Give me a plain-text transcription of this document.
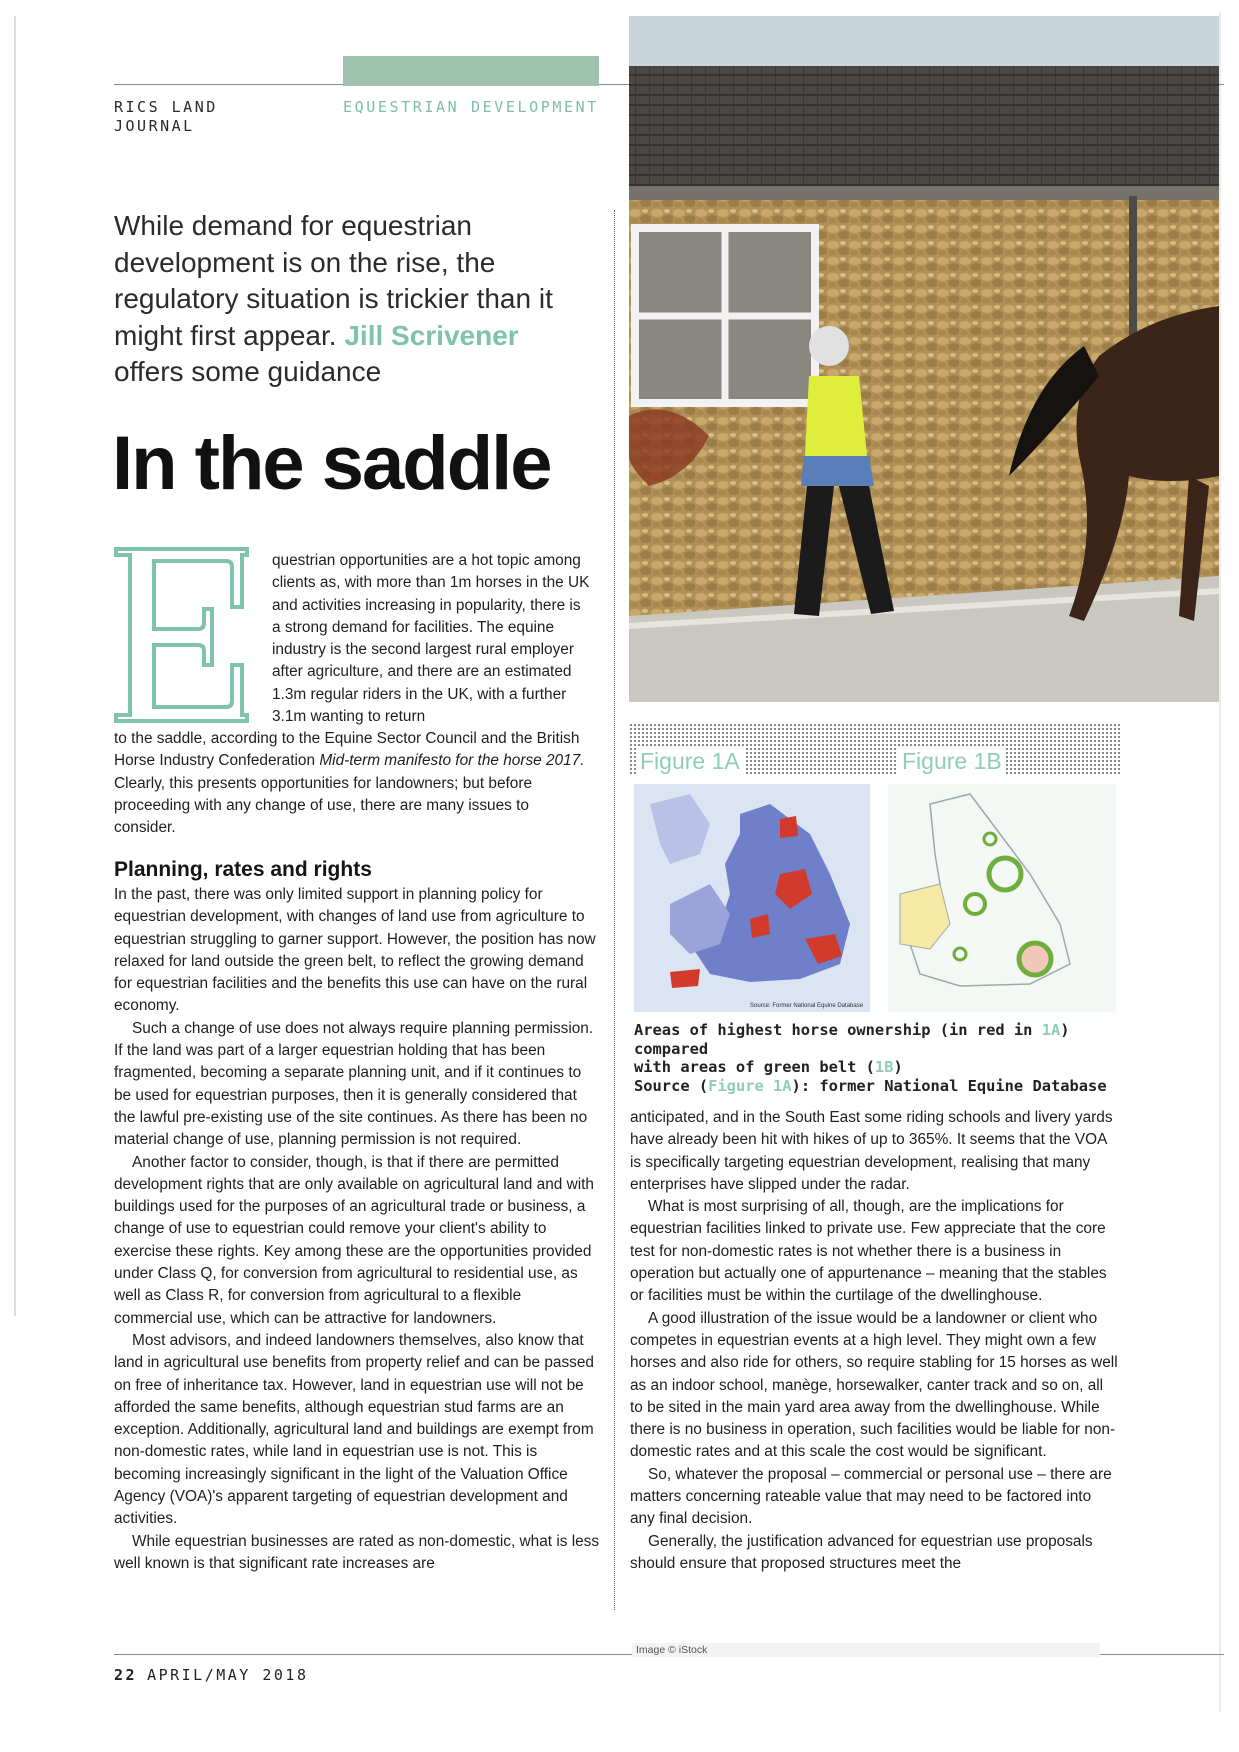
RICS LAND
JOURNAL
EQUESTRIAN DEVELOPMENT
While demand for equestrian development is on the rise, the regulatory situation is trickier than it might first appear. Jill Scrivener
offers some guidance
In the saddle
questrian opportunities are a hot topic among clients as, with more than 1m horses in the UK and activities increasing in popularity, there is a strong demand for facilities. The equine industry is the second largest rural employer after agriculture, and there are an estimated 1.3m regular riders in the UK, with a further 3.1m wanting to return
to the saddle, according to the Equine Sector Council and the British Horse Industry Confederation Mid-term manifesto for the horse 2017. Clearly, this presents opportunities for landowners; but before proceeding with any change of use, there are many issues to consider.
Planning, rates and rights

In the past, there was only limited support in planning policy for equestrian development, with changes of land use from agriculture to equestrian struggling to garner support. However, the position has now relaxed for land outside the green belt, to reflect the growing demand for equestrian facilities and the benefits this use can have on the rural economy.

Such a change of use does not always require planning permission. If the land was part of a larger equestrian holding that has been fragmented, becoming a separate planning unit, and if it continues to be used for equestrian purposes, then it is generally considered that the lawful pre-existing use of the site continues. As there has been no material change of use, planning permission is not required.

Another factor to consider, though, is that if there are permitted development rights that are only available on agricultural land and with buildings used for the purposes of an agricultural trade or business, a change of use to equestrian could remove your client's ability to exercise these rights. Key among these are the opportunities provided under Class Q, for conversion from agricultural to residential use, as well as Class R, for conversion from agricultural to a flexible commercial use, which can be attractive for landowners.

Most advisors, and indeed landowners themselves, also know that land in agricultural use benefits from property relief and can be passed on free of inheritance tax. However, land in equestrian use will not be afforded the same benefits, although equestrian stud farms are an exception. Additionally, agricultural land and buildings are exempt from non-domestic rates, while land in equestrian use is not. This is becoming increasingly significant in the light of the Valuation Office Agency (VOA)'s apparent targeting of equestrian development and activities.

While equestrian businesses are rated as non-domestic, what is less well known is that significant rate increases are

Source: Former National Equine Database
Figure 1A	Figure 1B
Areas of highest horse ownership (in red in 1A) compared
with areas of green belt (1B)
Source (Figure 1A): former National Equine Database

anticipated, and in the South East some riding schools and livery yards have already been hit with hikes of up to 365%. It seems that the VOA is specifically targeting equestrian development, realising that many enterprises have slipped under the radar.

What is most surprising of all, though, are the implications for equestrian facilities linked to private use. Few appreciate that the core test for non-domestic rates is not whether there is a business in operation but actually one of appurtenance – meaning that the stables or facilities must be within the curtilage of the dwellinghouse.

A good illustration of the issue would be a landowner or client who competes in equestrian events at a high level. They might own a few horses and also ride for others, so require stabling for 15 horses as well as an indoor school, manège, horsewalker, canter track and so on, all to be sited in the main yard area away from the dwellinghouse. While there is no business in operation, such facilities would be liable for non-domestic rates and at this scale the cost would be significant.

So, whatever the proposal – commercial or personal use – there are matters concerning rateable value that may need to be factored into any final decision.

Generally, the justification advanced for equestrian use proposals should ensure that proposed structures meet the

Image © iStock
22 APRIL/MAY 2018
